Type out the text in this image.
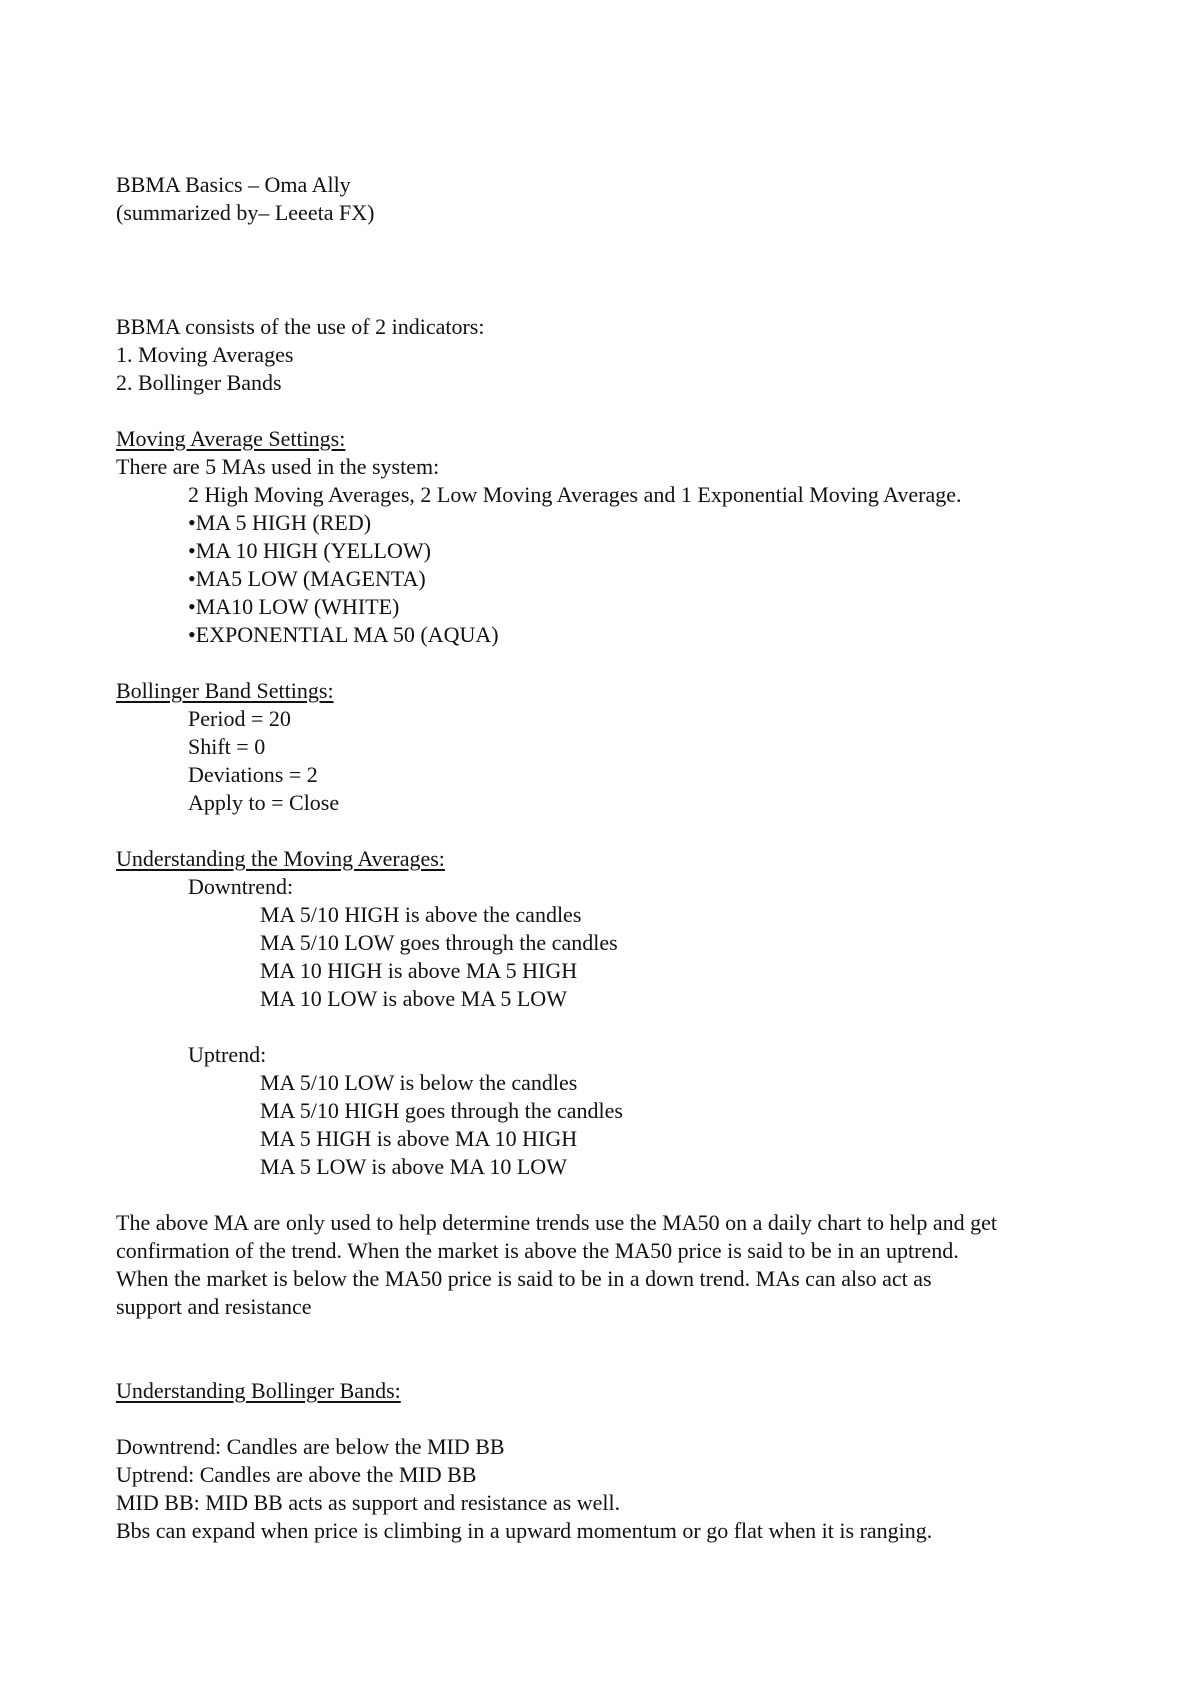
BBMA Basics – Oma Ally

(summarized by– Leeeta FX)

BBMA consists of the use of 2 indicators:

1. Moving Averages

2. Bollinger Bands

Moving Average Settings:

There are 5 MAs used in the system:

2 High Moving Averages, 2 Low Moving Averages and 1 Exponential Moving Average.

•MA 5 HIGH (RED)

•MA 10 HIGH (YELLOW)

•MA5 LOW (MAGENTA)

•MA10 LOW (WHITE)

•EXPONENTIAL MA 50 (AQUA)

Bollinger Band Settings:

Period = 20

Shift = 0

Deviations = 2

Apply to = Close

Understanding the Moving Averages:

Downtrend:

MA 5/10 HIGH is above the candles

MA 5/10 LOW goes through the candles

MA 10 HIGH is above MA 5 HIGH

MA 10 LOW is above MA 5 LOW

Uptrend:

MA 5/10 LOW is below the candles

MA 5/10 HIGH goes through the candles

MA 5 HIGH is above MA 10 HIGH

MA 5 LOW is above MA 10 LOW

The above MA are only used to help determine trends use the MA50 on a daily chart to help and get

confirmation of the trend. When the market is above the MA50 price is said to be in an uptrend.

When the market is below the MA50 price is said to be in a down trend. MAs can also act as

support and resistance

Understanding Bollinger Bands:

Downtrend: Candles are below the MID BB

Uptrend: Candles are above the MID BB

MID BB: MID BB acts as support and resistance as well.

Bbs can expand when price is climbing in a upward momentum or go flat when it is ranging.
